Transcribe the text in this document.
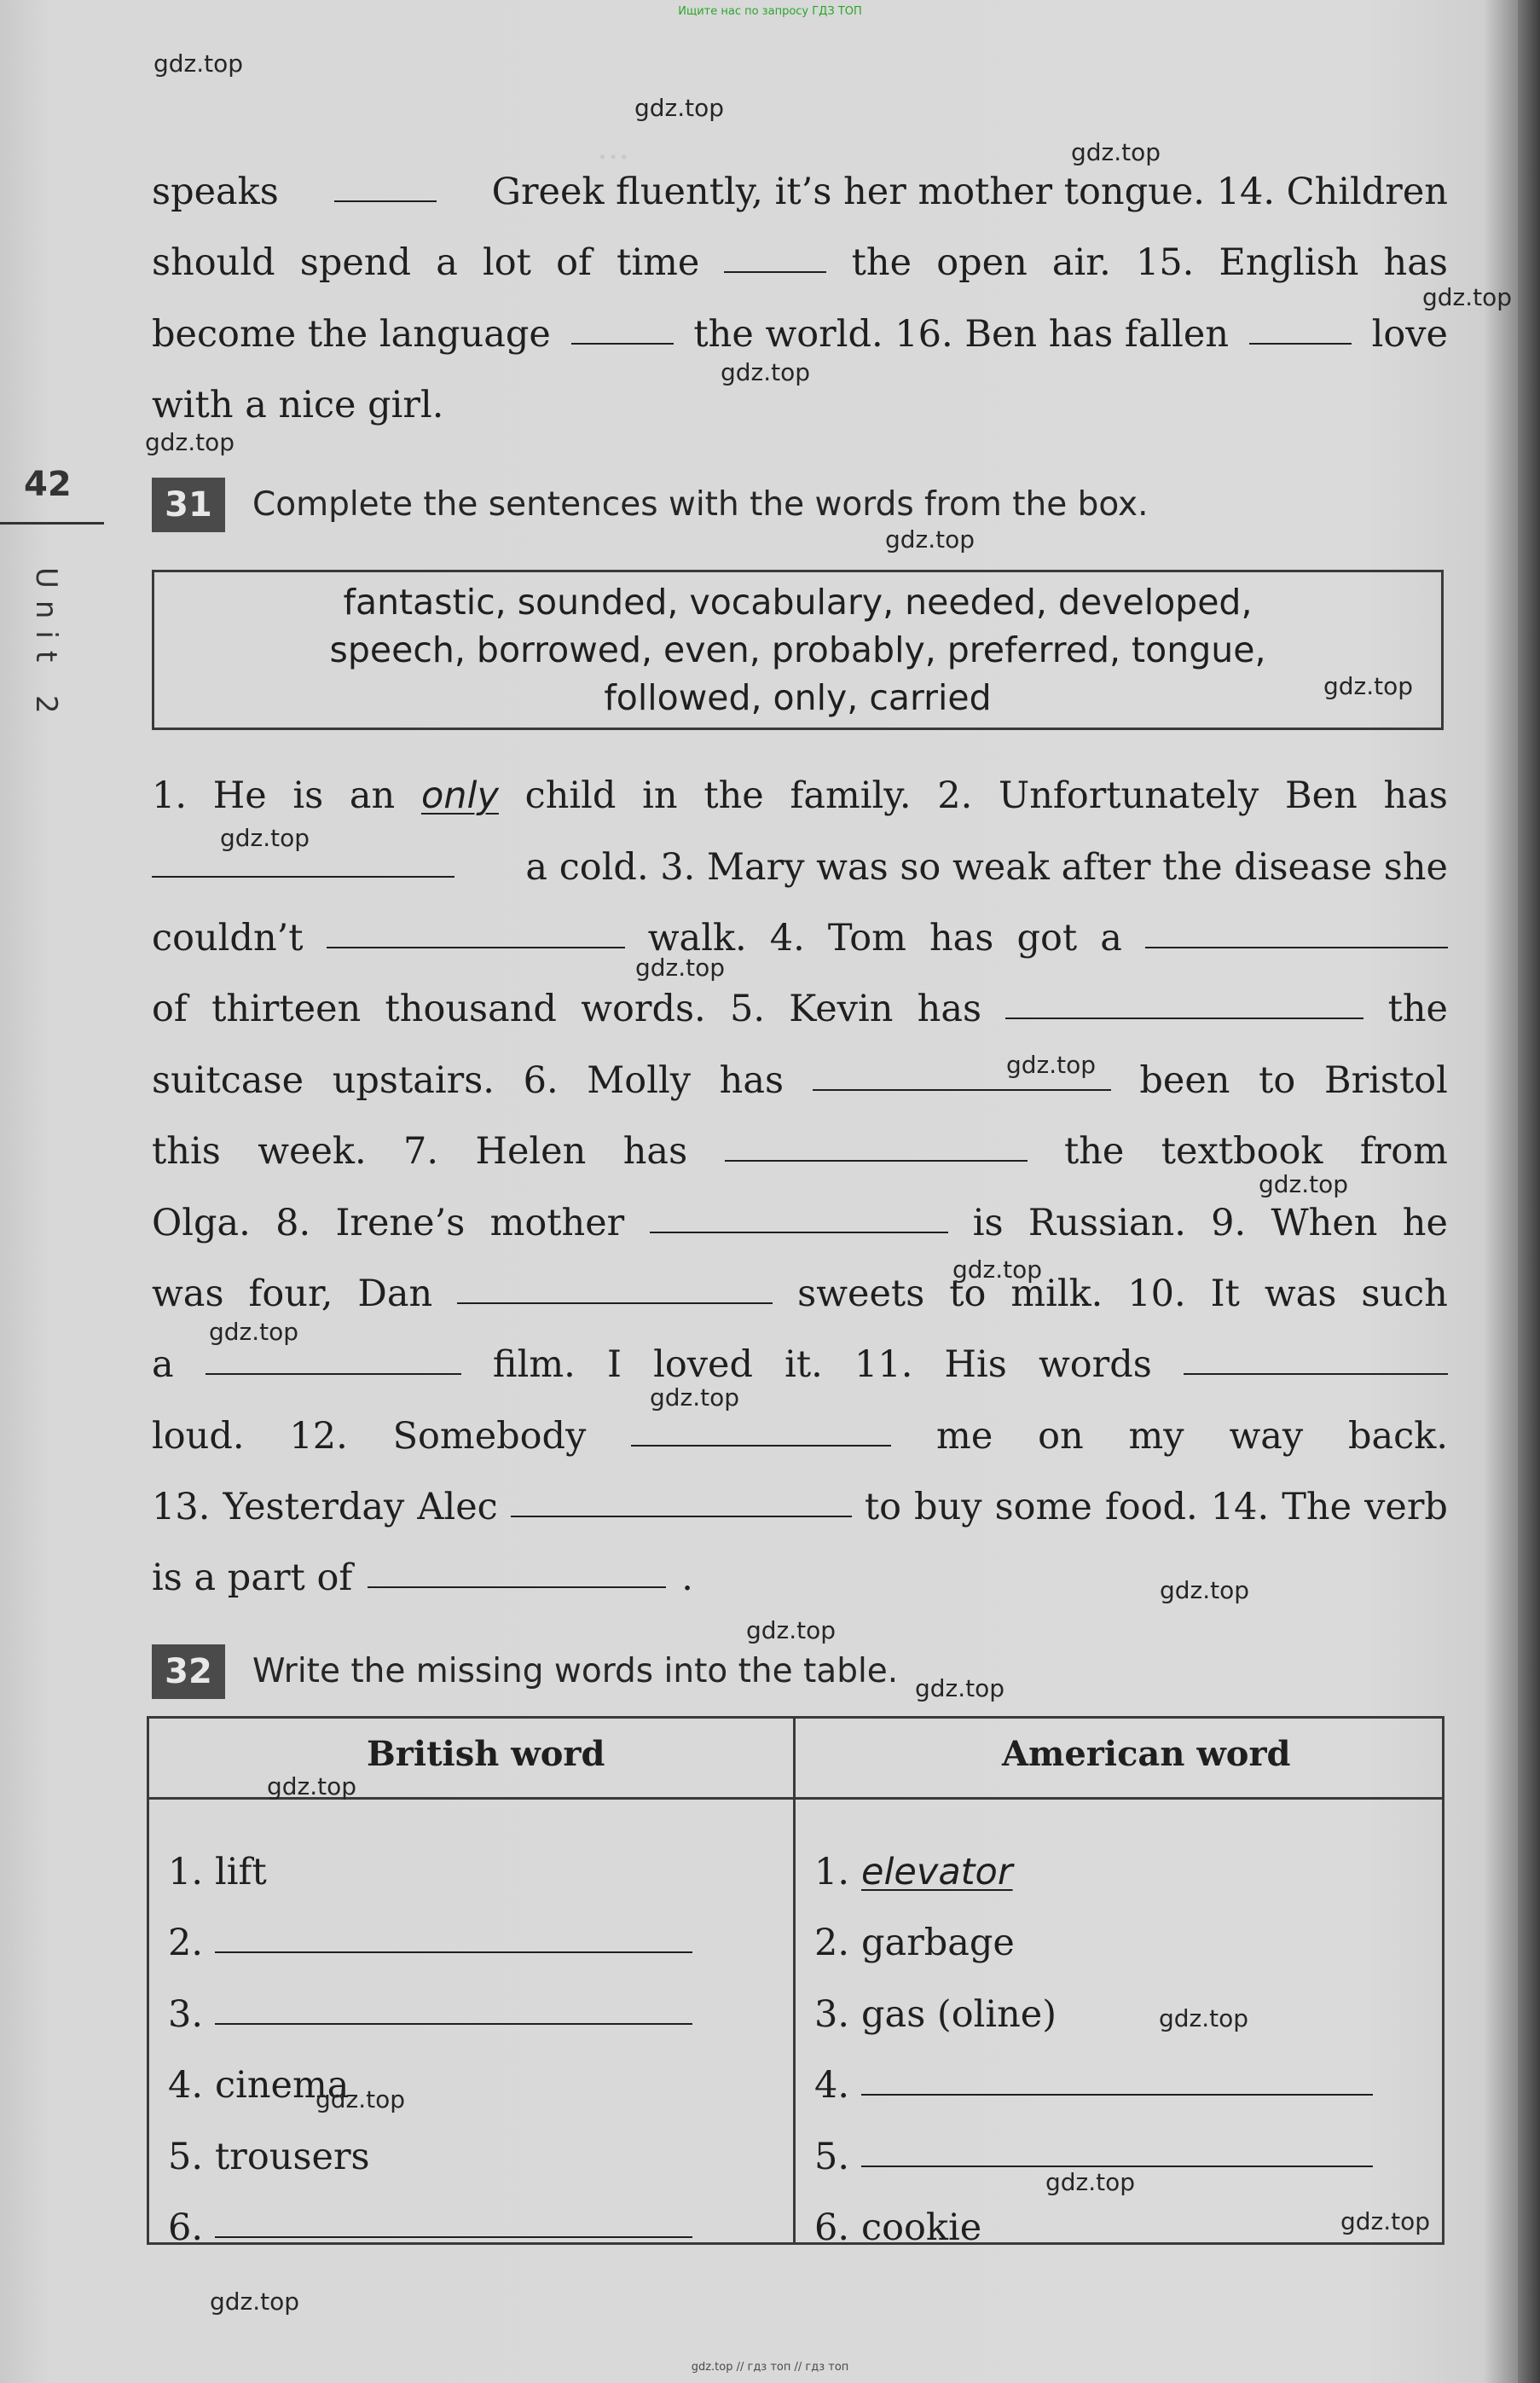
Ищите нас по запросу ГДЗ ТОП
42
Unit 2
speaks	Greek fluently, it’s her mother tongue. 14. Children
should spend a lot of time	the open air. 15. English has
become the language	the world. 16. Ben has fallen	love
with a nice girl.
31	Complete the sentences with the words from the box.
fantastic, sounded, vocabulary, needed, developed,
speech, borrowed, even, probably, preferred, tongue,
followed, only, carried
1. He is an only child in the family. 2. Unfortunately Ben has
a cold. 3. Mary was so weak after the disease she
couldn’t	walk. 4. Tom has got a
of thirteen thousand words. 5. Kevin has	the
suitcase upstairs. 6. Molly has	been to Bristol
this week. 7. Helen has	the textbook from
Olga. 8. Irene’s mother	is Russian. 9. When he
was four, Dan	sweets to milk. 10. It was such
a	film. I loved it. 11. His words
loud. 12. Somebody	me on my way back.
13. Yesterday Alec	to buy some food. 14. The verb
is a part of	.
32	Write the missing words into the table.
British word	American word
1. lift	1. elevator
2.	2. garbage
3.	3. gas (oline)
4. cinema	4.
5. trousers	5.
6.	6. cookie
gdz.top // гдз топ // гдз топ
gdz.top
gdz.top
gdz.top
gdz.top
gdz.top
gdz.top
gdz.top
gdz.top
gdz.top
gdz.top
gdz.top
gdz.top
gdz.top
gdz.top
gdz.top
gdz.top
gdz.top
gdz.top
gdz.top
gdz.top
gdz.top
gdz.top
gdz.top
gdz.top
